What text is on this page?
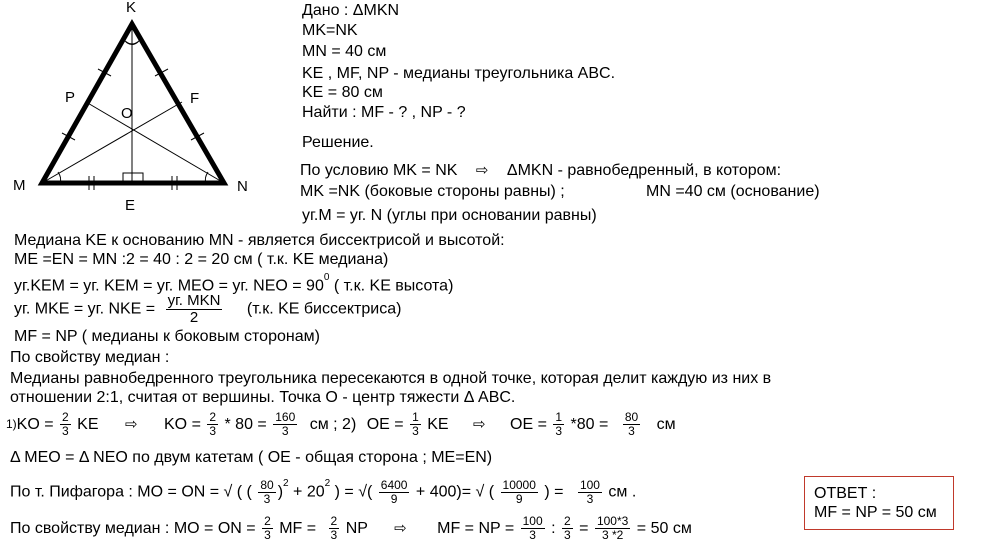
K
P	F
O
M	N
E
Дано : ΔMKN
MK=NK
MN = 40 см
KE , MF, NP - медианы треугольника ABC.
KE = 80 см
Найти : MF - ? , NP - ?
Решение.
По условию MK = NK ⇨ ΔMKN - равнобедренный, в котором:
MK =NK (боковые стороны равны) ;	MN =40 см (основание)
уг.M = уг. N (углы при основании равны)
Медиана KE к основанию MN - является биссектрисой и высотой:
ME =EN = MN :2 = 40 : 2 = 20 см ( т.к. KE медиана)
уг.KEM = уг. KEM = уг. MEO = уг. NEO = $90^0$ ( т.к. KE высота)
уг. MKE = уг. NKE = $\frac{\text{уг. MKN}}{2} (т.к$. KE биссектриса)
MF = NP ( медианы к боковым сторонам)
По свойству медиан :
Медианы равнобедренного треугольника пересекаются в одной точке, которая делит каждую из них в
отношении 2:1, считая от вершины. Точка O - центр тяжести Δ ABC.
$^{1)}KO = \frac{2}{3}$ KE ⇨ KO = $\frac{2}{3} * 80 = \frac{160}{3}$ см ; 2) OE = $\frac{1}{3}$ KE ⇨ OE = $\frac{1}{3} *80 = \frac{80}{3}$ см
Δ MEO = Δ NEO по двум катетам ( OE - общая сторона ; ME=EN)
По т. Пифагора : MO = ON = √ ( ( $\frac{80}{3} )^2 + 20^2$ ) = √( $\frac{6400}{9} + 400)=$ √ ( $\frac{10000}{9}$ ) = $\frac{100}{3}$ см .
По свойству медиан : MO = ON = $\frac{2}{3}$ MF = $\frac{2}{3}$ NP ⇨ MF = NP = $\frac{100}{3}$ : $\frac{2}{3} = \frac{100*3}{3 *2} = 50$ см
ОТВЕТ :
MF = NP = 50 см
